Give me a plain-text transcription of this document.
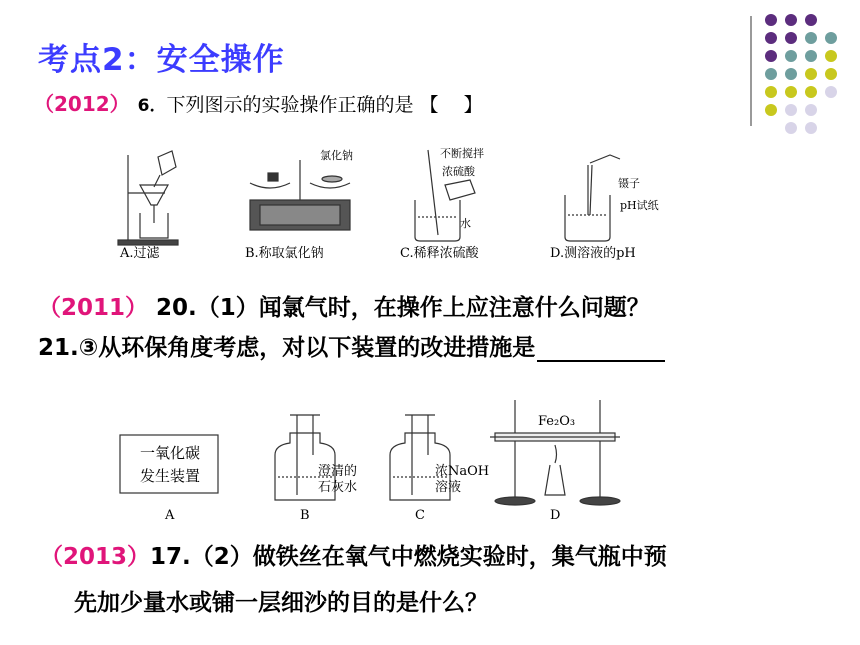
考点2：安全操作
（2012） 6．下列图示的实验操作正确的是 【　 】
A.过滤	B.称取氯化钠
氯化钠
C.稀释浓硫酸
不断搅拌
浓硫酸
水
D.测溶液的pH
镊子
pH试纸
（2011） 20.（1）闻氯气时，在操作上应注意什么问题？
21.③从环保角度考虑，对以下装置的改进措施是
一氧化碳
发生装置
A
澄清的
石灰水
B
浓NaOH
溶液
C
Fe₂O₃
D
（2013）17.（2）做铁丝在氧气中燃烧实验时，集气瓶中预
先加少量水或铺一层细沙的目的是什么？
